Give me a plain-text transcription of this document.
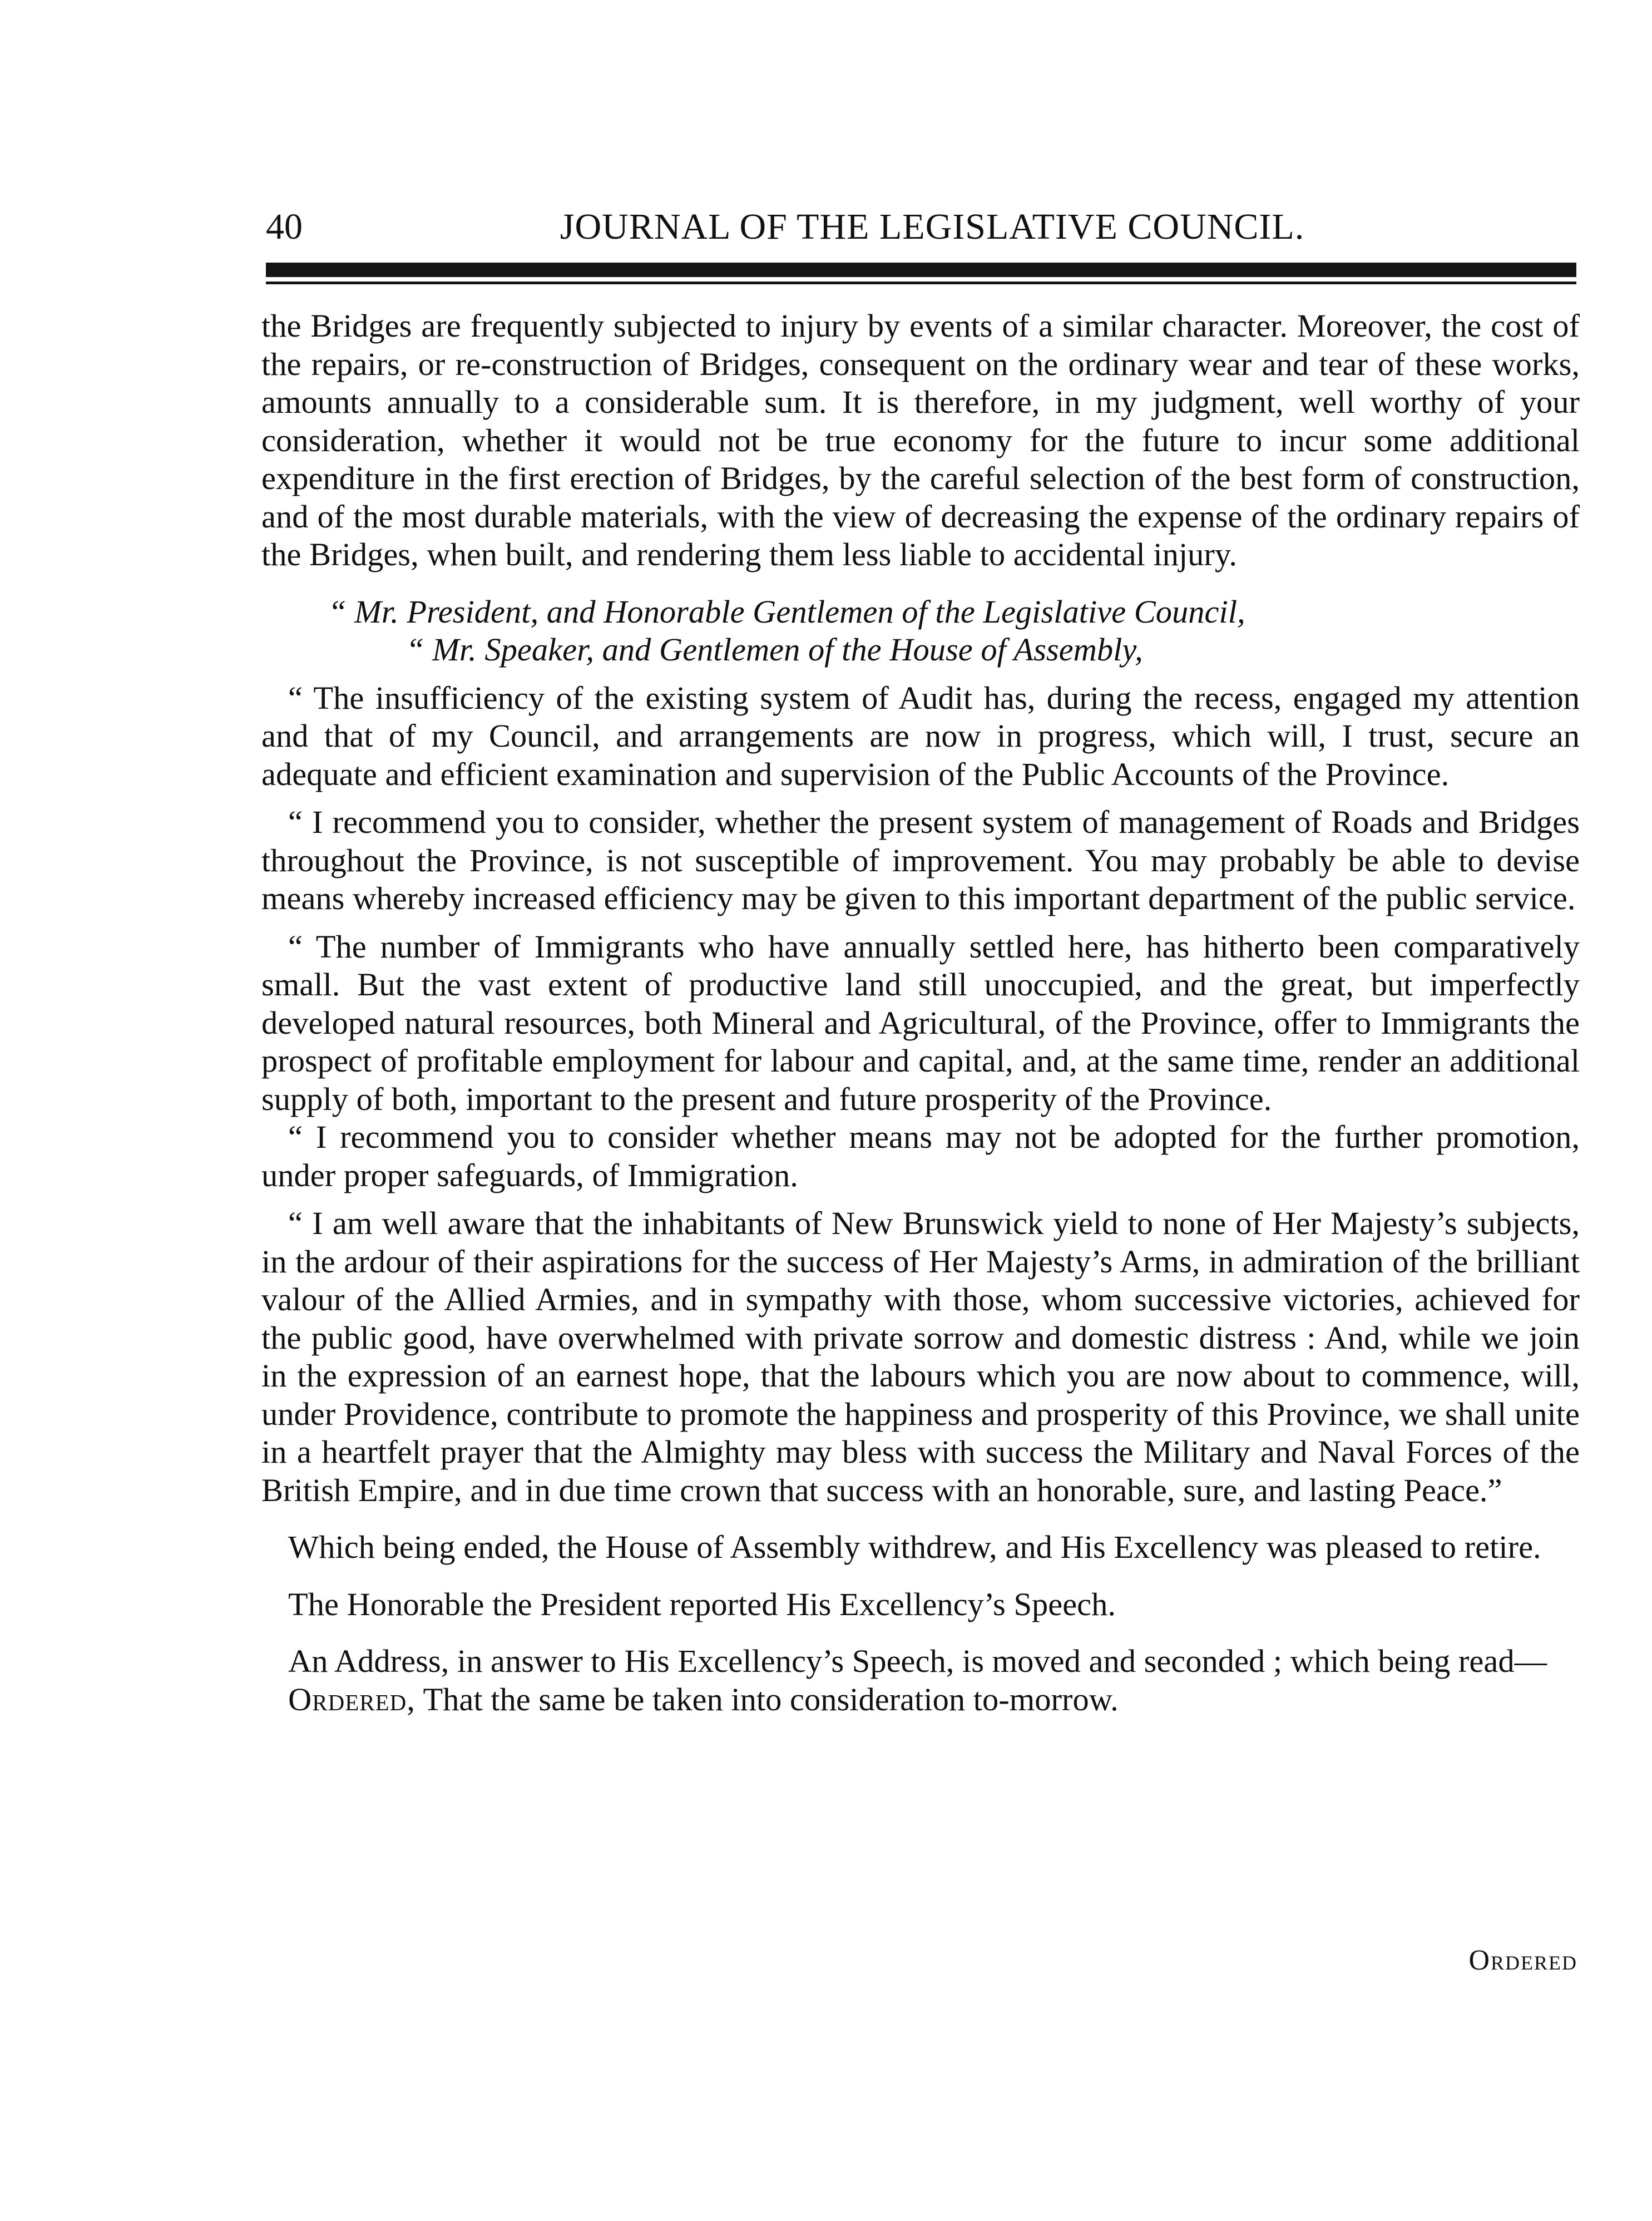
40	JOURNAL OF THE LEGISLATIVE COUNCIL.

the Bridges are frequently subjected to injury by events of a similar character. Moreover, the cost of the repairs, or re-construction of Bridges, consequent on the ordinary wear and tear of these works, amounts annually to a considerable sum. It is therefore, in my judgment, well worthy of your consideration, whether it would not be true economy for the future to incur some additional expenditure in the first erection of Bridges, by the careful selection of the best form of construction, and of the most durable materials, with the view of decreasing the expense of the ordinary repairs of the Bridges, when built, and rendering them less liable to accidental injury.

“ Mr. President, and Honorable Gentlemen of the Legislative Council,

“ Mr. Speaker, and Gentlemen of the House of Assembly,

“ The insufficiency of the existing system of Audit has, during the recess, engaged my attention and that of my Council, and arrangements are now in progress, which will, I trust, secure an adequate and efficient examination and supervision of the Public Accounts of the Province.

“ I recommend you to consider, whether the present system of management of Roads and Bridges throughout the Province, is not susceptible of improvement. You may probably be able to devise means whereby increased efficiency may be given to this important department of the public service.

“ The number of Immigrants who have annually settled here, has hitherto been comparatively small. But the vast extent of productive land still unoccupied, and the great, but imperfectly developed natural resources, both Mineral and Agricultural, of the Province, offer to Immigrants the prospect of profitable employment for labour and capital, and, at the same time, render an additional supply of both, important to the present and future prosperity of the Province.

“ I recommend you to consider whether means may not be adopted for the further promotion, under proper safeguards, of Immigration.

“ I am well aware that the inhabitants of New Brunswick yield to none of Her Majesty’s subjects, in the ardour of their aspirations for the success of Her Majesty’s Arms, in admiration of the brilliant valour of the Allied Armies, and in sympathy with those, whom successive victories, achieved for the public good, have overwhelmed with private sorrow and domestic distress : And, while we join in the expression of an earnest hope, that the labours which you are now about to commence, will, under Providence, contribute to promote the happiness and prosperity of this Province, we shall unite in a heartfelt prayer that the Almighty may bless with success the Military and Naval Forces of the British Empire, and in due time crown that success with an honorable, sure, and lasting Peace.”

Which being ended, the House of Assembly withdrew, and His Excellency was pleased to retire.

The Honorable the President reported His Excellency’s Speech.

An Address, in answer to His Excellency’s Speech, is moved and seconded ; which being read—

Ordered, That the same be taken into consideration to-morrow.

Ordered
